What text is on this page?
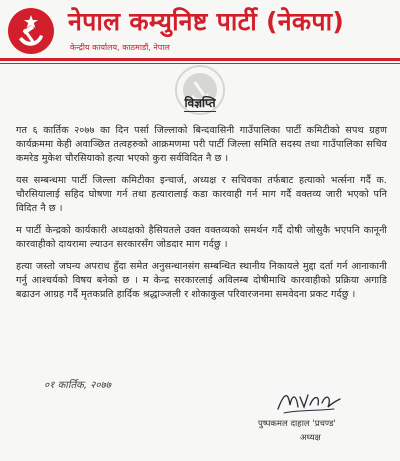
नेपाल कम्युनिष्ट पार्टी (नेकपा)
केन्द्रीय कार्यालय, काठमाडौं, नेपाल
विज्ञप्ति

गत ६ कार्तिक २०७७ का दिन पर्सा जिल्लाको बिन्दवासिनी गाउँपालिका पार्टी कमिटीको सपथ ग्रहण कार्यक्रममा केही अवाञ्छित तत्वहरुको आक्रमणमा परी पार्टी जिल्ला समिति सदस्य तथा गाउँपालिका सचिव कमरेड मुकेश चौरसियाको हत्या भएको कुरा सर्वविदित नै छ ।

यस सम्बन्धमा पार्टी जिल्ला कमिटीका इन्चार्ज, अध्यक्ष र सचिवका तर्फबाट हत्याको भर्त्सना गर्दै क. चौरसियालाई सहिद घोषणा गर्न तथा हत्यारालाई कडा कारवाही गर्न माग गर्दै वक्तव्य जारी भएको पनि विदित नै छ ।

म पार्टी केन्द्रको कार्यकारी अध्यक्षको हैसियतले उक्त वक्तव्यको समर्थन गर्दै दोषी जोसुकै भएपनि कानूनी कारवाहीको दायरामा ल्याउन सरकारसँग जोडदार माग गर्दछु ।

हत्या जस्तो जघन्य अपराध हुँदा समेत अनुसन्धानसंग सम्बन्धित स्थानीय निकायले मुद्दा दर्ता गर्न आनाकानी गर्नु आश्चर्यको विषय बनेको छ । म केन्द्र सरकारलाई अविलम्ब दोषीमाथि कारवाहीको प्रक्रिया अगाडि बढाउन आग्रह गर्दै मृतकप्रति हार्दिक श्रद्धाञ्जली र शोकाकुल परिवारजनमा समवेदना प्रकट गर्दछु ।

०१ कार्तिक, २०७७
पुष्पकमल दाहाल 'प्रचण्ड'
अध्यक्ष
